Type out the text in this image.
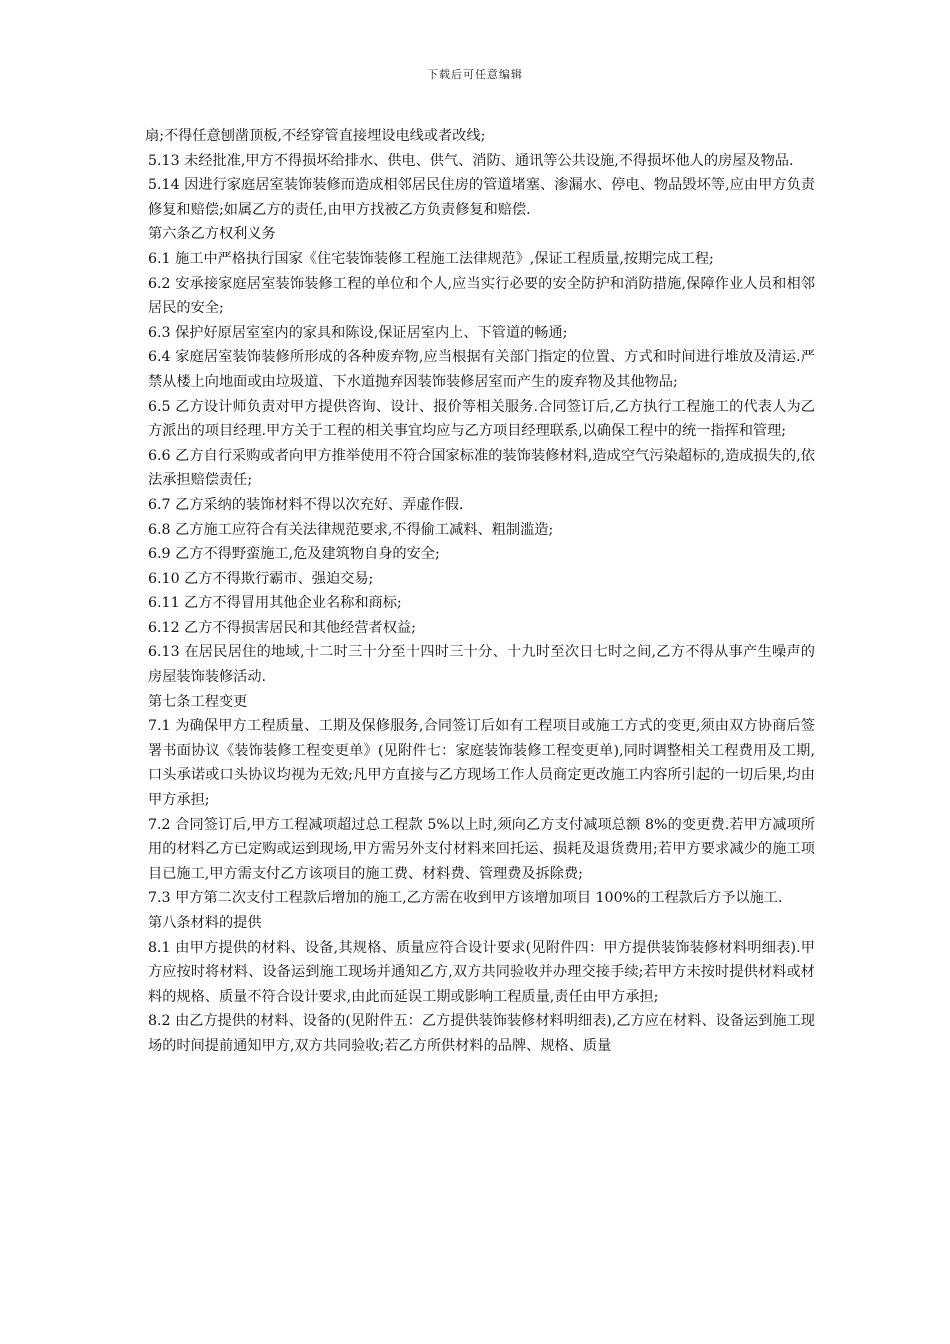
下载后可任意编辑

扇;不得任意刨凿顶板,不经穿管直接埋设电线或者改线;

5.13 未经批准,甲方不得损坏给排水、供电、供气、消防、通讯等公共设施,不得损坏他人的房屋及物品.

5.14 因进行家庭居室装饰装修而造成相邻居民住房的管道堵塞、渗漏水、停电、物品毁坏等,应由甲方负责修复和赔偿;如属乙方的责任,由甲方找被乙方负责修复和赔偿.

第六条乙方权利义务

6.1 施工中严格执行国家《住宅装饰装修工程施工法律规范》,保证工程质量,按期完成工程;

6.2 安承接家庭居室装饰装修工程的单位和个人,应当实行必要的安全防护和消防措施,保障作业人员和相邻居民的安全;

6.3 保护好原居室室内的家具和陈设,保证居室内上、下管道的畅通;

6.4 家庭居室装饰装修所形成的各种废弃物,应当根据有关部门指定的位置、方式和时间进行堆放及清运.严禁从楼上向地面或由垃圾道、下水道抛弃因装饰装修居室而产生的废弃物及其他物品;

6.5 乙方设计师负责对甲方提供咨询、设计、报价等相关服务.合同签订后,乙方执行工程施工的代表人为乙方派出的项目经理.甲方关于工程的相关事宜均应与乙方项目经理联系,以确保工程中的统一指挥和管理;

6.6 乙方自行采购或者向甲方推举使用不符合国家标准的装饰装修材料,造成空气污染超标的,造成损失的,依法承担赔偿责任;

6.7 乙方采纳的装饰材料不得以次充好、弄虚作假.

6.8 乙方施工应符合有关法律规范要求,不得偷工减料、粗制滥造;

6.9 乙方不得野蛮施工,危及建筑物自身的安全;

6.10 乙方不得欺行霸市、强迫交易;

6.11 乙方不得冒用其他企业名称和商标;

6.12 乙方不得损害居民和其他经营者权益;

6.13 在居民居住的地域,十二时三十分至十四时三十分、十九时至次日七时之间,乙方不得从事产生噪声的房屋装饰装修活动.

第七条工程变更

7.1 为确保甲方工程质量、工期及保修服务,合同签订后如有工程项目或施工方式的变更,须由双方协商后签署书面协议《装饰装修工程变更单》(见附件七：家庭装饰装修工程变更单),同时调整相关工程费用及工期,口头承诺或口头协议均视为无效;凡甲方直接与乙方现场工作人员商定更改施工内容所引起的一切后果,均由甲方承担;

7.2 合同签订后,甲方工程减项超过总工程款 5%以上时,须向乙方支付减项总额 8%的变更费.若甲方减项所用的材料乙方已定购或运到现场,甲方需另外支付材料来回托运、损耗及退货费用;若甲方要求减少的施工项目已施工,甲方需支付乙方该项目的施工费、材料费、管理费及拆除费;

7.3 甲方第二次支付工程款后增加的施工,乙方需在收到甲方该增加项目 100%的工程款后方予以施工.

第八条材料的提供

8.1 由甲方提供的材料、设备,其规格、质量应符合设计要求(见附件四：甲方提供装饰装修材料明细表).甲方应按时将材料、设备运到施工现场并通知乙方,双方共同验收并办理交接手续;若甲方未按时提供材料或材料的规格、质量不符合设计要求,由此而延误工期或影响工程质量,责任由甲方承担;

8.2 由乙方提供的材料、设备的(见附件五：乙方提供装饰装修材料明细表),乙方应在材料、设备运到施工现场的时间提前通知甲方,双方共同验收;若乙方所供材料的品牌、规格、质量
